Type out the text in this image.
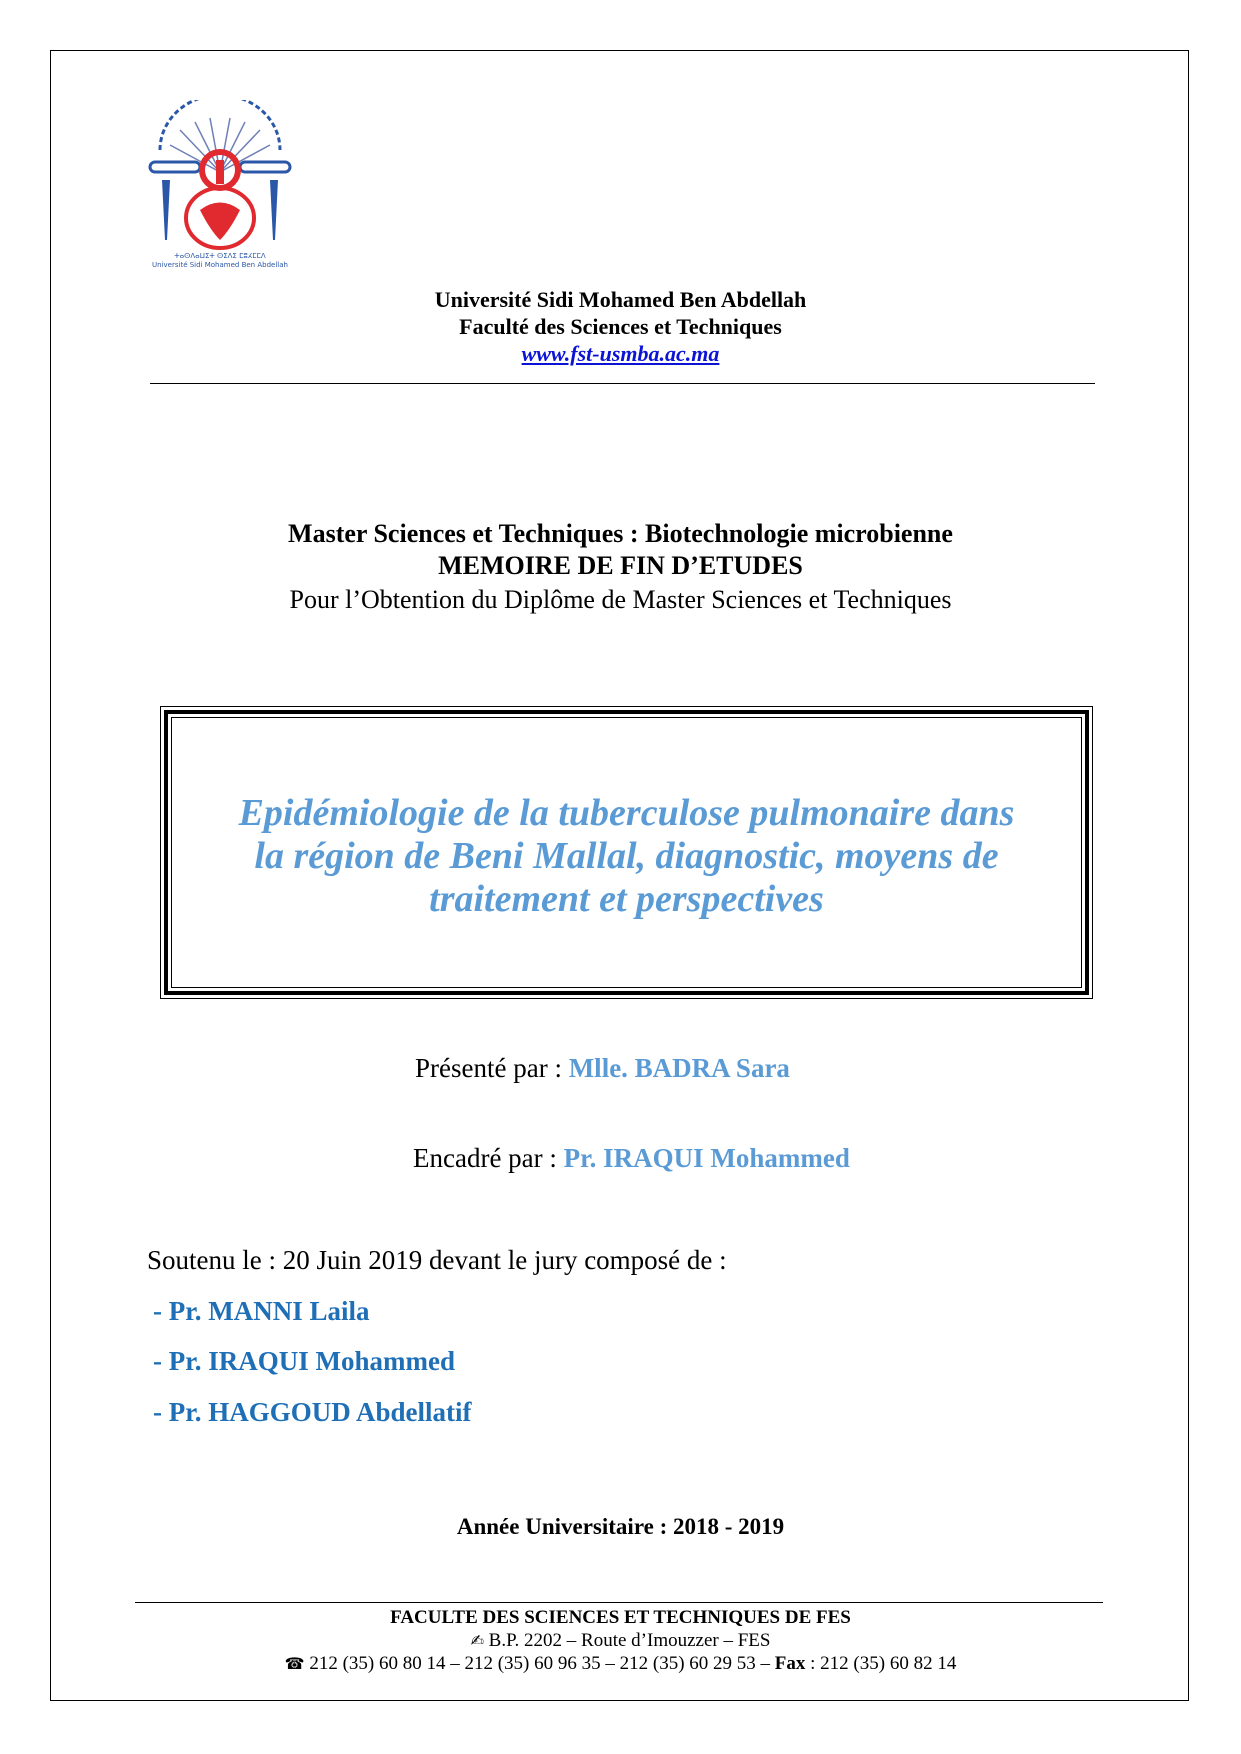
ⵜⴰⵙⴷⴰⵡⵉⵜ ⵙⵉⴷⵉ ⵎⵓⵃⵎⵎⴷ
Université Sidi Mohamed Ben Abdellah
Université Sidi Mohamed Ben Abdellah
Faculté des Sciences et Techniques
www.fst-usmba.ac.ma
Master Sciences et Techniques : Biotechnologie microbienne
MEMOIRE DE FIN D’ETUDES
Pour l’Obtention du Diplôme de Master Sciences et Techniques
Epidémiologie de la tuberculose pulmonaire dans
la région de Beni Mallal, diagnostic, moyens de
traitement et perspectives
Présenté par : Mlle. BADRA Sara
Encadré par : Pr. IRAQUI Mohammed
Soutenu le : 20 Juin 2019 devant le jury composé de :
- Pr. MANNI Laila
- Pr. IRAQUI Mohammed
- Pr. HAGGOUD Abdellatif
Année Universitaire : 2018 - 2019
FACULTE DES SCIENCES ET TECHNIQUES DE FES
✍ B.P. 2202 – Route d’Imouzzer – FES
☎ 212 (35) 60 80 14 – 212 (35) 60 96 35 – 212 (35) 60 29 53 – Fax : 212 (35) 60 82 14
